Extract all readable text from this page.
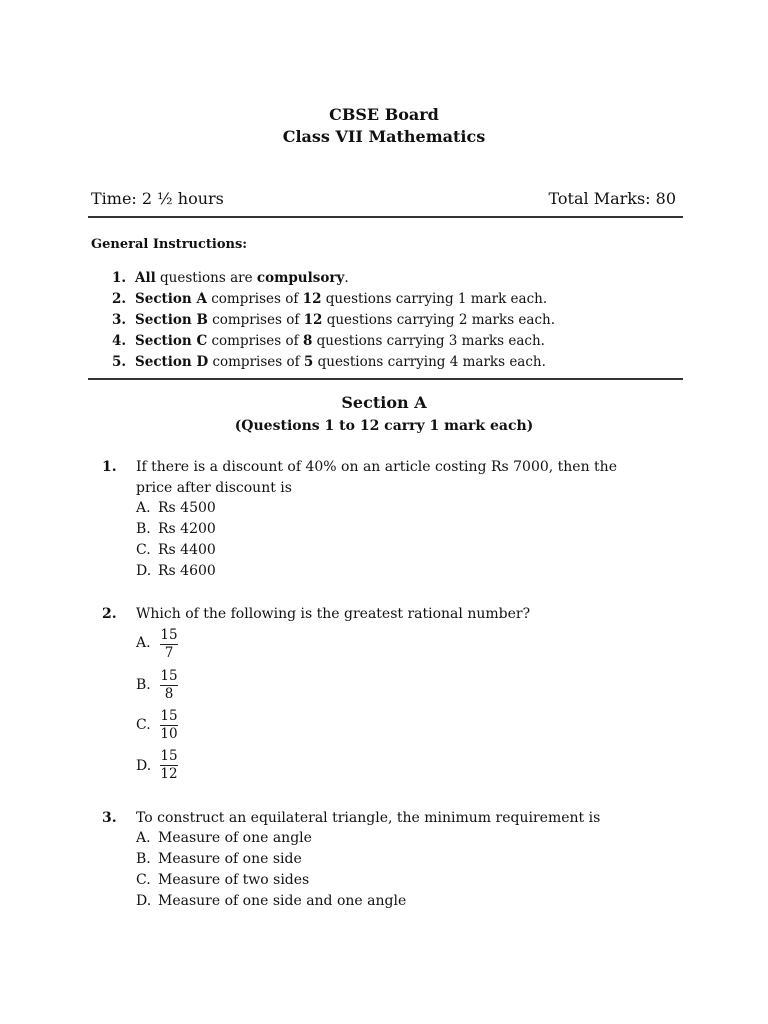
CBSE Board
Class VII Mathematics
Time: 2 ½ hours	Total Marks: 80
General Instructions:
1. All questions are compulsory.
2. Section A comprises of 12 questions carrying 1 mark each.
3. Section B comprises of 12 questions carrying 2 marks each.
4. Section C comprises of 8 questions carrying 3 marks each.
5. Section D comprises of 5 questions carrying 4 marks each.
Section A
(Questions 1 to 12 carry 1 mark each)
1. If there is a discount of 40% on an article costing Rs 7000, then the price after discount is
A. Rs 4500
B. Rs 4200
C. Rs 4400
D. Rs 4600
2. Which of the following is the greatest rational number?
A. $\frac{15}{7}$
B. $\frac{15}{8}$
C. $\frac{15}{10}$
D. $\frac{15}{12}$
3. To construct an equilateral triangle, the minimum requirement is
A. Measure of one angle
B. Measure of one side
C. Measure of two sides
D. Measure of one side and one angle
